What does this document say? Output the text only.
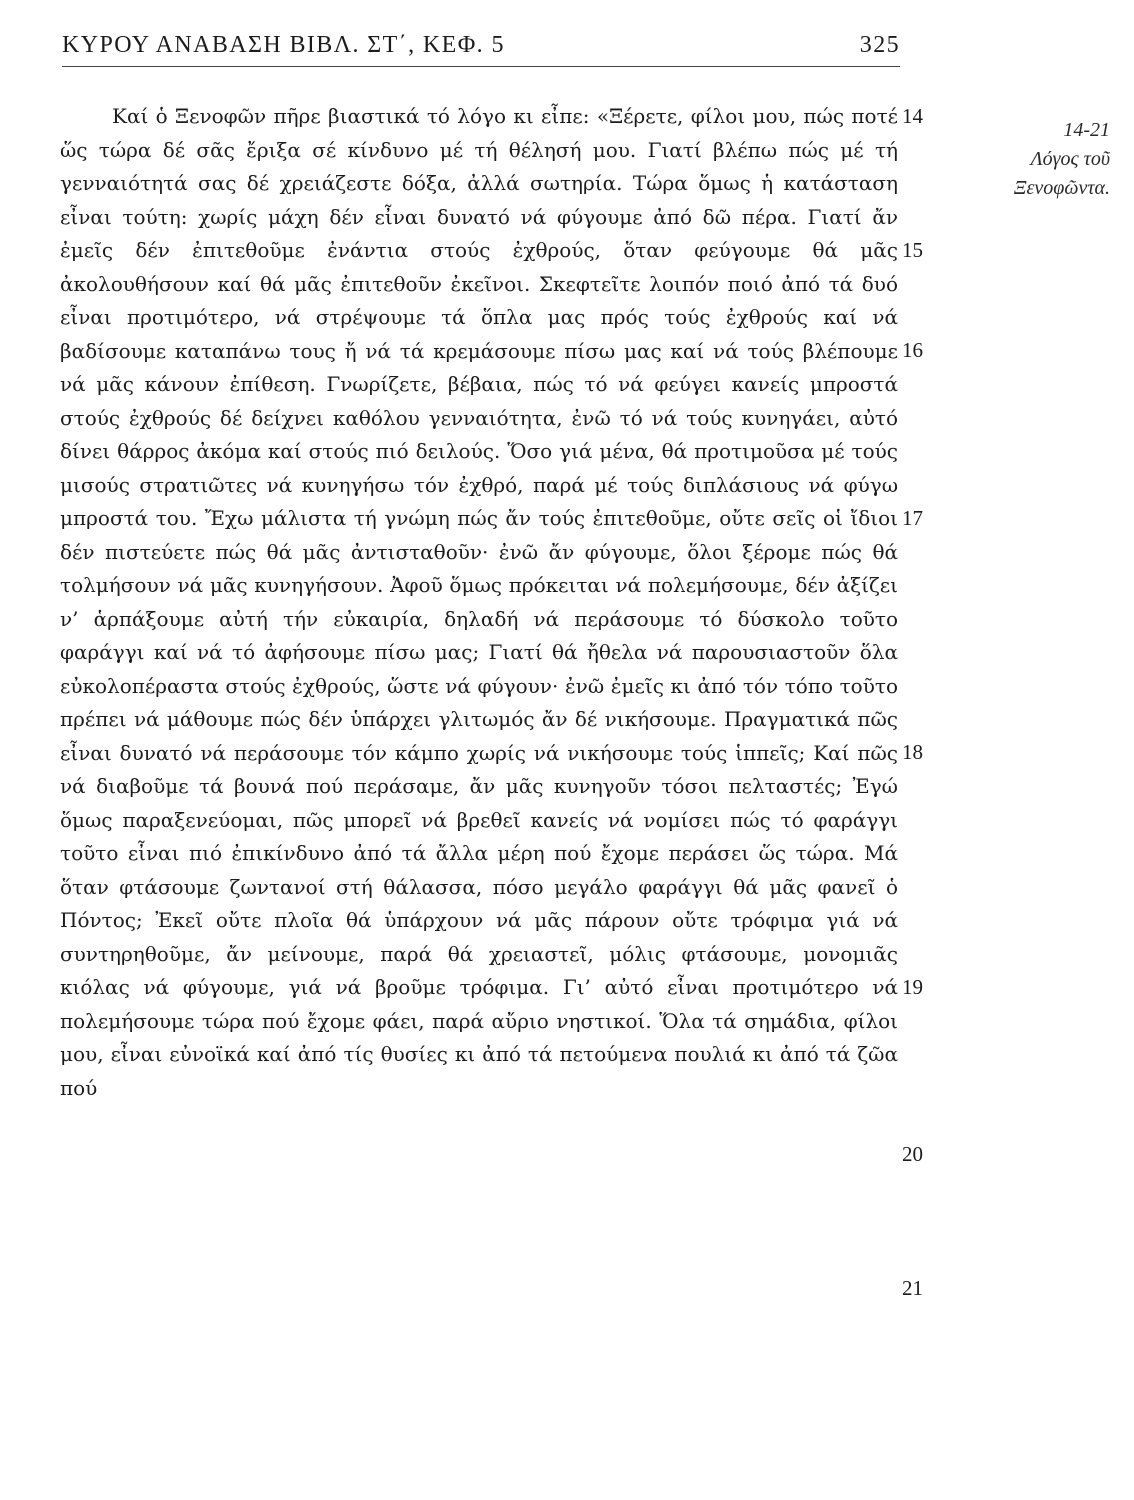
ΚΥΡΟΥ ΑΝΑΒΑΣΗ ΒΙΒΛ. ΣΤ΄, ΚΕΦ. 5	325

Καί ὁ Ξενοφῶν πῆρε βιαστικά τό λόγο κι εἶπε: «Ξέρετε, φίλοι μου, πώς ποτέ ὥς τώρα δέ σᾶς ἔριξα σέ κίνδυνο μέ τή θέλησή μου. Γιατί βλέπω πώς μέ τή γενναιότητά σας δέ χρειάζεστε δόξα, ἀλλά σωτηρία. Τώρα ὅμως ἡ κατάσταση εἶναι τούτη: χωρίς μάχη δέν εἶναι δυνατό νά φύγουμε ἀπό δῶ πέρα. Γιατί ἄν ἐμεῖς δέν ἐπιτεθοῦμε ἐνάντια στούς ἐχθρούς, ὅταν φεύγουμε θά μᾶς ἀκολουθήσουν καί θά μᾶς ἐπιτεθοῦν ἐκεῖνοι. Σκεφτεῖτε λοιπόν ποιό ἀπό τά δυό εἶναι προτιμότερο, νά στρέψουμε τά ὅπλα μας πρός τούς ἐχθρούς καί νά βαδίσουμε καταπάνω τους ἤ νά τά κρεμάσουμε πίσω μας καί νά τούς βλέπουμε νά μᾶς κάνουν ἐπίθεση. Γνωρίζετε, βέβαια, πώς τό νά φεύγει κανείς μπροστά στούς ἐχθρούς δέ δείχνει καθόλου γενναιότητα, ἐνῶ τό νά τούς κυνηγάει, αὐτό δίνει θάρρος ἀκόμα καί στούς πιό δειλούς. Ὅσο γιά μένα, θά προτιμοῦσα μέ τούς μισούς στρατιῶτες νά κυνηγήσω τόν ἐχθρό, παρά μέ τούς διπλάσιους νά φύγω μπροστά του. Ἔχω μάλιστα τή γνώμη πώς ἄν τούς ἐπιτεθοῦμε, οὔτε σεῖς οἱ ἴδιοι δέν πιστεύετε πώς θά μᾶς ἀντισταθοῦν· ἐνῶ ἄν φύγουμε, ὅλοι ξέρομε πώς θά τολμήσουν νά μᾶς κυνηγήσουν. Ἀφοῦ ὅμως πρόκειται νά πολεμήσουμε, δέν ἀξίζει ν’ ἁρπάξουμε αὐτή τήν εὐκαιρία, δηλαδή νά περάσουμε τό δύσκολο τοῦτο φαράγγι καί νά τό ἀφήσουμε πίσω μας; Γιατί θά ἤθελα νά παρουσιαστοῦν ὅλα εὐκολοπέραστα στούς ἐχθρούς, ὥστε νά φύγουν· ἐνῶ ἐμεῖς κι ἀπό τόν τόπο τοῦτο πρέπει νά μάθουμε πώς δέν ὑπάρχει γλιτωμός ἄν δέ νικήσουμε. Πραγματικά πῶς εἶναι δυνατό νά περάσουμε τόν κάμπο χωρίς νά νικήσουμε τούς ἱππεῖς; Καί πῶς νά διαβοῦμε τά βουνά πού περάσαμε, ἄν μᾶς κυνηγοῦν τόσοι πελταστές; Ἐγώ ὅμως παραξενεύομαι, πῶς μπορεῖ νά βρεθεῖ κανείς νά νομίσει πώς τό φαράγγι τοῦτο εἶναι πιό ἐπικίνδυνο ἀπό τά ἄλλα μέρη πού ἔχομε περάσει ὥς τώρα. Μά ὅταν φτάσουμε ζωντανοί στή θάλασσα, πόσο μεγάλο φαράγγι θά μᾶς φανεῖ ὁ Πόντος; Ἐκεῖ οὔτε πλοῖα θά ὑπάρχουν νά μᾶς πάρουν οὔτε τρόφιμα γιά νά συντηρηθοῦμε, ἄν μείνουμε, παρά θά χρειαστεῖ, μόλις φτάσουμε, μονομιᾶς κιόλας νά φύγουμε, γιά νά βροῦμε τρόφιμα. Γι’ αὐτό εἶναι προτιμότερο νά πολεμήσουμε τώρα πού ἔχομε φάει, παρά αὔριο νηστικοί. Ὅλα τά σημάδια, φίλοι μου, εἶναι εὐνοϊκά καί ἀπό τίς θυσίες κι ἀπό τά πετούμενα πουλιά κι ἀπό τά ζῶα πού

14
15
16
17
18
19
20
21
14-21
Λόγος τοῦ
Ξενοφῶντα.
